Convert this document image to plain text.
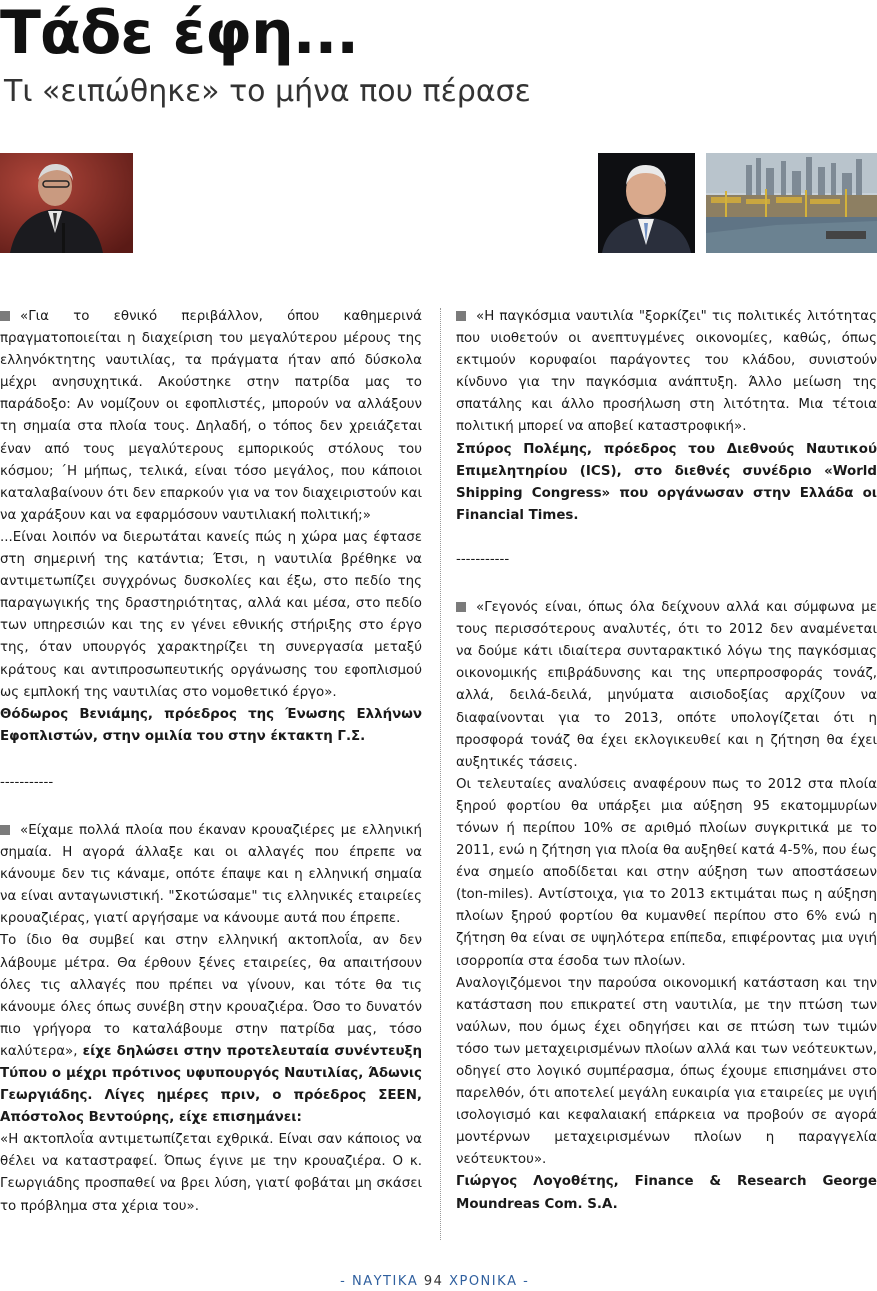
Τάδε έφη...
Τι «ειπώθηκε» το μήνα που πέρασε

«Για το εθνικό περιβάλλον, όπου καθημερινά πραγματοποιείται η διαχείριση του μεγαλύτερου μέρους της ελληνόκτητης ναυτιλίας, τα πράγματα ήταν από δύσκολα μέχρι ανησυχητικά. Ακούστηκε στην πατρίδα μας το παράδοξο: Αν νομίζουν οι εφοπλιστές, μπορούν να αλλάξουν τη σημαία στα πλοία τους. Δηλαδή, ο τόπος δεν χρειάζεται έναν από τους μεγαλύτερους εμπορικούς στόλους του κόσμου; ΄Η μήπως, τελικά, είναι τόσο μεγάλος, που κάποιοι καταλαβαίνουν ότι δεν επαρκούν για να τον διαχειριστούν και να χαράξουν και να εφαρμόσουν ναυτιλιακή πολιτική;»

...Είναι λοιπόν να διερωτάται κανείς πώς η χώρα μας έφτασε στη σημερινή της κατάντια; Έτσι, η ναυτιλία βρέθηκε να αντιμετωπίζει συγχρόνως δυσκολίες και έξω, στο πεδίο της παραγωγικής της δραστηριότητας, αλλά και μέσα, στο πεδίο των υπηρεσιών και της εν γένει εθνικής στήριξης στο έργο της, όταν υπουργός χαρακτηρίζει τη συνεργασία μεταξύ κράτους και αντιπροσωπευτικής οργάνωσης του εφοπλισμού ως εμπλοκή της ναυτιλίας στο νομοθετικό έργο».

Θόδωρος Βενιάμης, πρόεδρος της Ένωσης Ελλήνων Εφοπλιστών, στην ομιλία του στην έκτακτη Γ.Σ.

-----------

«Είχαμε πολλά πλοία που έκαναν κρουαζιέρες με ελληνική σημαία. Η αγορά άλλαξε και οι αλλαγές που έπρεπε να κάνουμε δεν τις κάναμε, οπότε έπαψε και η ελληνική σημαία να είναι ανταγωνιστική. "Σκοτώσαμε" τις ελληνικές εταιρείες κρουαζιέρας, γιατί αργήσαμε να κάνουμε αυτά που έπρεπε.

Το ίδιο θα συμβεί και στην ελληνική ακτοπλοΐα, αν δεν λάβουμε μέτρα. Θα έρθουν ξένες εταιρείες, θα απαιτήσουν όλες τις αλλαγές που πρέπει να γίνουν, και τότε θα τις κάνουμε όλες όπως συνέβη στην κρουαζιέρα. Όσο το δυνατόν πιο γρήγορα το καταλάβουμε στην πατρίδα μας, τόσο καλύτερα», είχε δηλώσει στην προτελευταία συνέντευξη Τύπου ο μέχρι πρότινος υφυπουργός Ναυτιλίας, Άδωνις Γεωργιάδης. Λίγες ημέρες πριν, ο πρόεδρος ΣΕΕΝ, Απόστολος Βεντούρης, είχε επισημάνει:

«Η ακτοπλοΐα αντιμετωπίζεται εχθρικά. Είναι σαν κάποιος να θέλει να καταστραφεί. Όπως έγινε με την κρουαζιέρα. Ο κ. Γεωργιάδης προσπαθεί να βρει λύση, γιατί φοβάται μη σκάσει το πρόβλημα στα χέρια του».

«Η παγκόσμια ναυτιλία "ξορκίζει" τις πολιτικές λιτότητας που υιοθετούν οι ανεπτυγμένες οικονομίες, καθώς, όπως εκτιμούν κορυφαίοι παράγοντες του κλάδου, συνιστούν κίνδυνο για την παγκόσμια ανάπτυξη. Άλλο μείωση της σπατάλης και άλλο προσήλωση στη λιτότητα. Μια τέτοια πολιτική μπορεί να αποβεί καταστροφική».

Σπύρος Πολέμης, πρόεδρος του Διεθνούς Ναυτικού Επιμελητηρίου (ICS), στο διεθνές συνέδριο «World Shipping Congress» που οργάνωσαν στην Ελλάδα οι Financial Times.

-----------

«Γεγονός είναι, όπως όλα δείχνουν αλλά και σύμφωνα με τους περισσότερους αναλυτές, ότι το 2012 δεν αναμένεται να δούμε κάτι ιδιαίτερα συνταρακτικό λόγω της παγκόσμιας οικονομικής επιβράδυνσης και της υπερπροσφοράς τονάζ, αλλά, δειλά-δειλά, μηνύματα αισιοδοξίας αρχίζουν να διαφαίνονται για το 2013, οπότε υπολογίζεται ότι η προσφορά τονάζ θα έχει εκλογικευθεί και η ζήτηση θα έχει αυξητικές τάσεις.

Οι τελευταίες αναλύσεις αναφέρουν πως το 2012 στα πλοία ξηρού φορτίου θα υπάρξει μια αύξηση 95 εκατομμυρίων τόνων ή περίπου 10% σε αριθμό πλοίων συγκριτικά με το 2011, ενώ η ζήτηση για πλοία θα αυξηθεί κατά 4-5%, που έως ένα σημείο αποδίδεται και στην αύξηση των αποστάσεων (ton-miles). Αντίστοιχα, για το 2013 εκτιμάται πως η αύξηση πλοίων ξηρού φορτίου θα κυμανθεί περίπου στο 6% ενώ η ζήτηση θα είναι σε υψηλότερα επίπεδα, επιφέροντας μια υγιή ισορροπία στα έσοδα των πλοίων.

Αναλογιζόμενοι την παρούσα οικονομική κατάσταση και την κατάσταση που επικρατεί στη ναυτιλία, με την πτώση των ναύλων, που όμως έχει οδηγήσει και σε πτώση των τιμών τόσο των μεταχειρισμένων πλοίων αλλά και των νεότευκτων, οδηγεί στο λογικό συμπέρασμα, όπως έχουμε επισημάνει στο παρελθόν, ότι αποτελεί μεγάλη ευκαιρία για εταιρείες με υγιή ισολογισμό και κεφαλαιακή επάρκεια να προβούν σε αγορά μοντέρνων μεταχειρισμένων πλοίων η παραγγελία νεότευκτου».

Γιώργος Λογοθέτης, Finance & Research George Moundreas Com. S.A.

- ΝΑΥΤΙΚΑ 94 ΧΡΟΝΙΚΑ -
